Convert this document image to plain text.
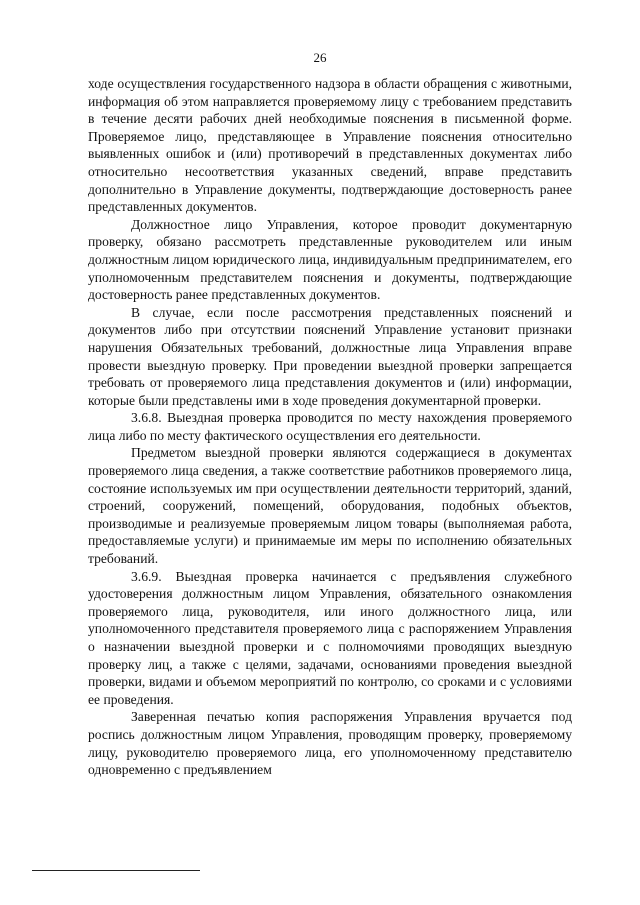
26

ходе осуществления государственного надзора в области обращения с животными, информация об этом направляется проверяемому лицу с требованием представить в течение десяти рабочих дней необходимые пояснения в письменной форме. Проверяемое лицо, представляющее в Управление пояснения относительно выявленных ошибок и (или) противоречий в представленных документах либо относительно несоответствия указанных сведений, вправе представить дополнительно в Управление документы, подтверждающие достоверность ранее представленных документов.

Должностное лицо Управления, которое проводит документарную проверку, обязано рассмотреть представленные руководителем или иным должностным лицом юридического лица, индивидуальным предпринимателем, его уполномоченным представителем пояснения и документы, подтверждающие достоверность ранее представленных документов.

В случае, если после рассмотрения представленных пояснений и документов либо при отсутствии пояснений Управление установит признаки нарушения Обязательных требований, должностные лица Управления вправе провести выездную проверку. При проведении выездной проверки запрещается требовать от проверяемого лица представления документов и (или) информации, которые были представлены ими в ходе проведения документарной проверки.

3.6.8. Выездная проверка проводится по месту нахождения проверяемого лица либо по месту фактического осуществления его деятельности.

Предметом выездной проверки являются содержащиеся в документах проверяемого лица сведения, а также соответствие работников проверяемого лица, состояние используемых им при осуществлении деятельности территорий, зданий, строений, сооружений, помещений, оборудования, подобных объектов, производимые и реализуемые проверяемым лицом товары (выполняемая работа, предоставляемые услуги) и принимаемые им меры по исполнению обязательных требований.

3.6.9. Выездная проверка начинается с предъявления служебного удостоверения должностным лицом Управления, обязательного ознакомления проверяемого лица, руководителя, или иного должностного лица, или уполномоченного представителя проверяемого лица с распоряжением Управления о назначении выездной проверки и с полномочиями проводящих выездную проверку лиц, а также с целями, задачами, основаниями проведения выездной проверки, видами и объемом мероприятий по контролю, со сроками и с условиями ее проведения.

Заверенная печатью копия распоряжения Управления вручается под роспись должностным лицом Управления, проводящим проверку, проверяемому лицу, руководителю проверяемого лица, его уполномоченному представителю одновременно с предъявлением
